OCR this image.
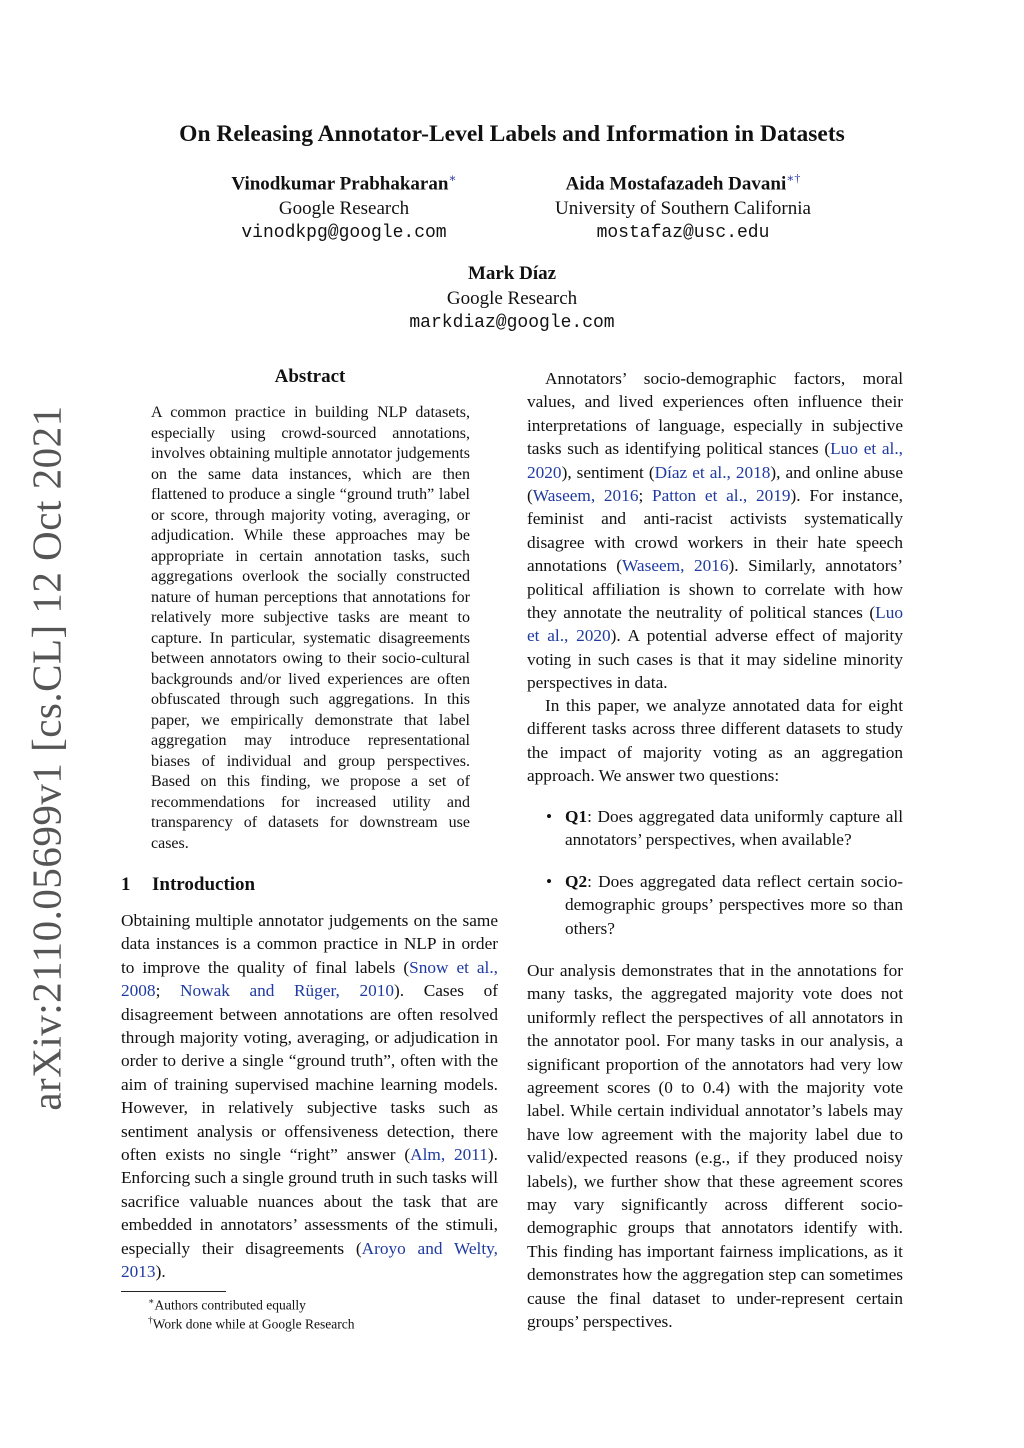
arXiv:2110.05699v1 [cs.CL] 12 Oct 2021
On Releasing Annotator-Level Labels and Information in Datasets
Vinodkumar Prabhakaran∗
Google Research
vinodkpg@google.com
Aida Mostafazadeh Davani∗†
University of Southern California
mostafaz@usc.edu
Mark Díaz
Google Research
markdiaz@google.com
Abstract
A common practice in building NLP datasets, especially using crowd-sourced annotations, involves obtaining multiple annotator judgements on the same data instances, which are then flattened to produce a single “ground truth” label or score, through majority voting, averaging, or adjudication. While these approaches may be appropriate in certain annotation tasks, such aggregations overlook the socially constructed nature of human perceptions that annotations for relatively more subjective tasks are meant to capture. In particular, systematic disagreements between annotators owing to their socio-cultural backgrounds and/or lived experiences are often obfuscated through such aggregations. In this paper, we empirically demonstrate that label aggregation may introduce representational biases of individual and group perspectives. Based on this finding, we propose a set of recommendations for increased utility and transparency of datasets for downstream use cases.
1 Introduction

Obtaining multiple annotator judgements on the same data instances is a common practice in NLP in order to improve the quality of final labels (Snow et al., 2008; Nowak and Rüger, 2010). Cases of disagreement between annotations are often resolved through majority voting, averaging, or adjudication in order to derive a single “ground truth”, often with the aim of training supervised machine learning models. However, in relatively subjective tasks such as sentiment analysis or offensiveness detection, there often exists no single “right” answer (Alm, 2011). Enforcing such a single ground truth in such tasks will sacrifice valuable nuances about the task that are embedded in annotators’ assessments of the stimuli, especially their disagreements (Aroyo and Welty, 2013).

Annotators’ socio-demographic factors, moral values, and lived experiences often influence their interpretations of language, especially in subjective tasks such as identifying political stances (Luo et al., 2020), sentiment (Díaz et al., 2018), and online abuse (Waseem, 2016; Patton et al., 2019). For instance, feminist and anti-racist activists systematically disagree with crowd workers in their hate speech annotations (Waseem, 2016). Similarly, annotators’ political affiliation is shown to correlate with how they annotate the neutrality of political stances (Luo et al., 2020). A potential adverse effect of majority voting in such cases is that it may sideline minority perspectives in data.

In this paper, we analyze annotated data for eight different tasks across three different datasets to study the impact of majority voting as an aggregation approach. We answer two questions:

• Q1: Does aggregated data uniformly capture all annotators’ perspectives, when available?
• Q2: Does aggregated data reflect certain socio-demographic groups’ perspectives more so than others?

Our analysis demonstrates that in the annotations for many tasks, the aggregated majority vote does not uniformly reflect the perspectives of all annotators in the annotator pool. For many tasks in our analysis, a significant proportion of the annotators had very low agreement scores (0 to 0.4) with the majority vote label. While certain individual annotator’s labels may have low agreement with the majority label due to valid/expected reasons (e.g., if they produced noisy labels), we further show that these agreement scores may vary significantly across different socio-demographic groups that annotators identify with. This finding has important fairness implications, as it demonstrates how the aggregation step can sometimes cause the final dataset to under-represent certain groups’ perspectives.

∗Authors contributed equally
†Work done while at Google Research
